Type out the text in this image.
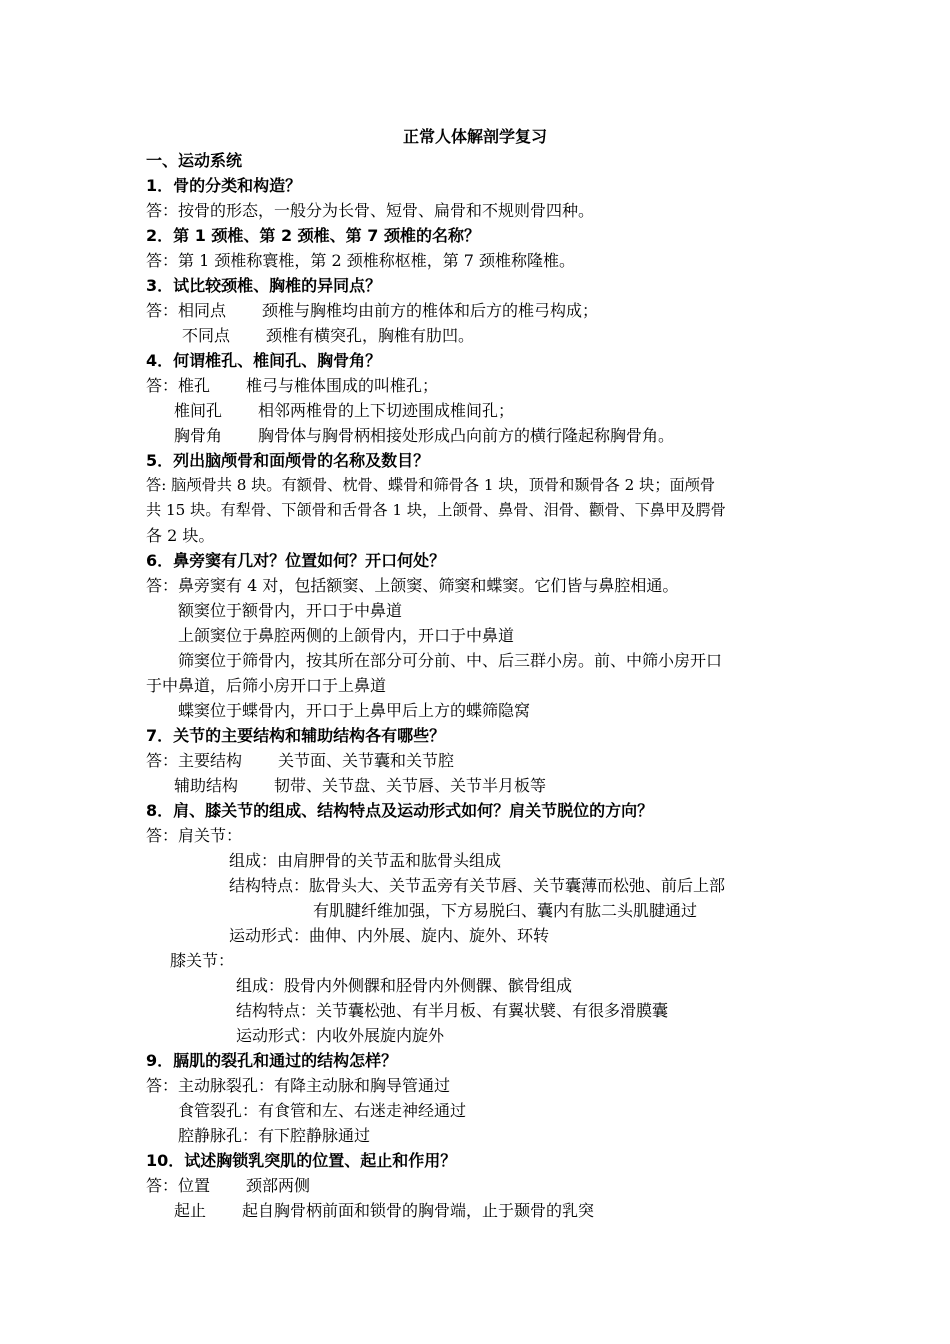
正常人体解剖学复习
一、运动系统
1．骨的分类和构造？
答：按骨的形态，一般分为长骨、短骨、扁骨和不规则骨四种。
2．第 1 颈椎、第 2 颈椎、第 7 颈椎的名称？
答：第 1 颈椎称寰椎，第 2 颈椎称枢椎，第 7 颈椎称隆椎。
3．试比较颈椎、胸椎的异同点？
答：相同点 颈椎与胸椎均由前方的椎体和后方的椎弓构成；
不同点 颈椎有横突孔，胸椎有肋凹。
4．何谓椎孔、椎间孔、胸骨角？
答：椎孔 椎弓与椎体围成的叫椎孔；
椎间孔 相邻两椎骨的上下切迹围成椎间孔；
胸骨角 胸骨体与胸骨柄相接处形成凸向前方的横行隆起称胸骨角。
5．列出脑颅骨和面颅骨的名称及数目？
答: 脑颅骨共 8 块。有额骨、枕骨、蝶骨和筛骨各 1 块，顶骨和颞骨各 2 块；面颅骨
共 15 块。有犁骨、下颌骨和舌骨各 1 块，上颌骨、鼻骨、泪骨、颧骨、下鼻甲及腭骨
各 2 块。
6．鼻旁窦有几对？位置如何？开口何处？
答：鼻旁窦有 4 对，包括额窦、上颌窦、筛窦和蝶窦。它们皆与鼻腔相通。
额窦位于额骨内，开口于中鼻道
上颌窦位于鼻腔两侧的上颌骨内，开口于中鼻道
筛窦位于筛骨内，按其所在部分可分前、中、后三群小房。前、中筛小房开口
于中鼻道，后筛小房开口于上鼻道
蝶窦位于蝶骨内，开口于上鼻甲后上方的蝶筛隐窝
7．关节的主要结构和辅助结构各有哪些？
答：主要结构 关节面、关节囊和关节腔
辅助结构 韧带、关节盘、关节唇、关节半月板等
8．肩、膝关节的组成、结构特点及运动形式如何？肩关节脱位的方向？
答：肩关节：
组成：由肩胛骨的关节盂和肱骨头组成
结构特点：肱骨头大、关节盂旁有关节唇、关节囊薄而松弛、前后上部
有肌腱纤维加强，下方易脱臼、囊内有肱二头肌腱通过
运动形式：曲伸、内外展、旋内、旋外、环转
膝关节：
组成：股骨内外侧髁和胫骨内外侧髁、髌骨组成
结构特点：关节囊松弛、有半月板、有翼状襞、有很多滑膜囊
运动形式：内收外展旋内旋外
9．膈肌的裂孔和通过的结构怎样？
答：主动脉裂孔：有降主动脉和胸导管通过
食管裂孔：有食管和左、右迷走神经通过
腔静脉孔：有下腔静脉通过
10．试述胸锁乳突肌的位置、起止和作用？
答：位置 颈部两侧
起止 起自胸骨柄前面和锁骨的胸骨端，止于颞骨的乳突
